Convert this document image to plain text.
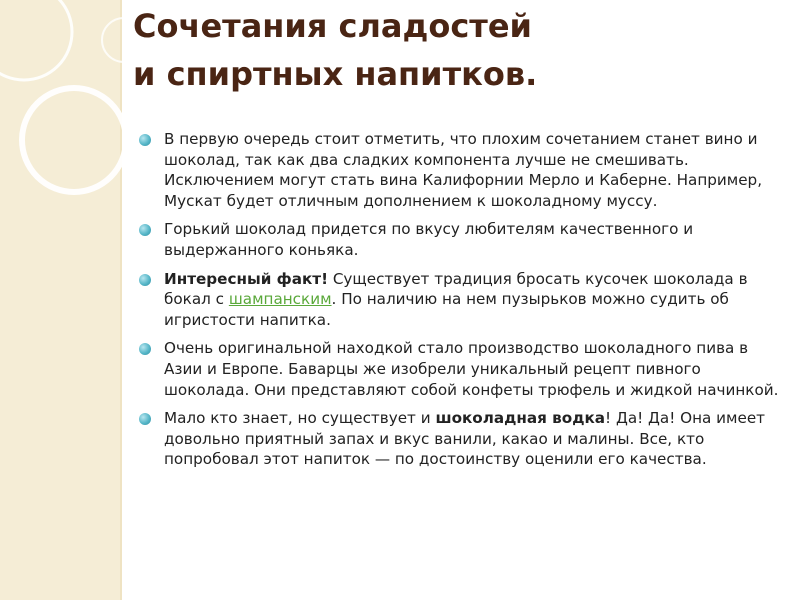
Сочетания сладостей
и спиртных напитков.

В первую очередь стоит отметить, что плохим сочетанием станет вино и шоколад, так как два сладких компонента лучше не смешивать. Исключением могут стать вина Калифорнии Мерло и Каберне. Например, Мускат будет отличным дополнением к шоколадному муссу.

Горький шоколад придется по вкусу любителям качественного и выдержанного коньяка.

Интересный факт! Существует традиция бросать кусочек шоколада в бокал с шампанским. По наличию на нем пузырьков можно судить об игристости напитка.

Очень оригинальной находкой стало производство шоколадного пива в Азии и Европе. Баварцы же изобрели уникальный рецепт пивного шоколада. Они представляют собой конфеты трюфель и жидкой начинкой.

Мало кто знает, но существует и шоколадная водка! Да! Да! Она имеет довольно приятный запах и вкус ванили, какао и малины. Все, кто попробовал этот напиток — по достоинству оценили его качества.
